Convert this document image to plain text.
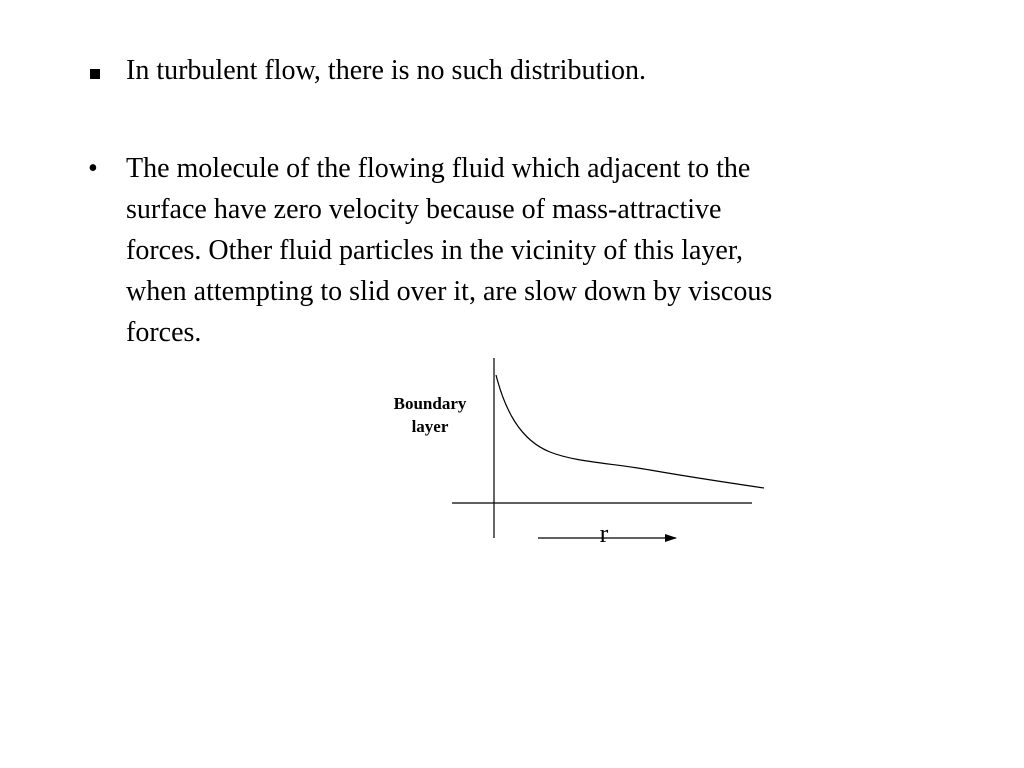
In turbulent flow, there is no such distribution.
•	The molecule of the flowing fluid which adjacent to the
surface have zero velocity because of mass-attractive
forces. Other fluid particles in the vicinity of this layer,
when attempting to slid over it, are slow down by viscous
forces.
Boundary
layer
r
